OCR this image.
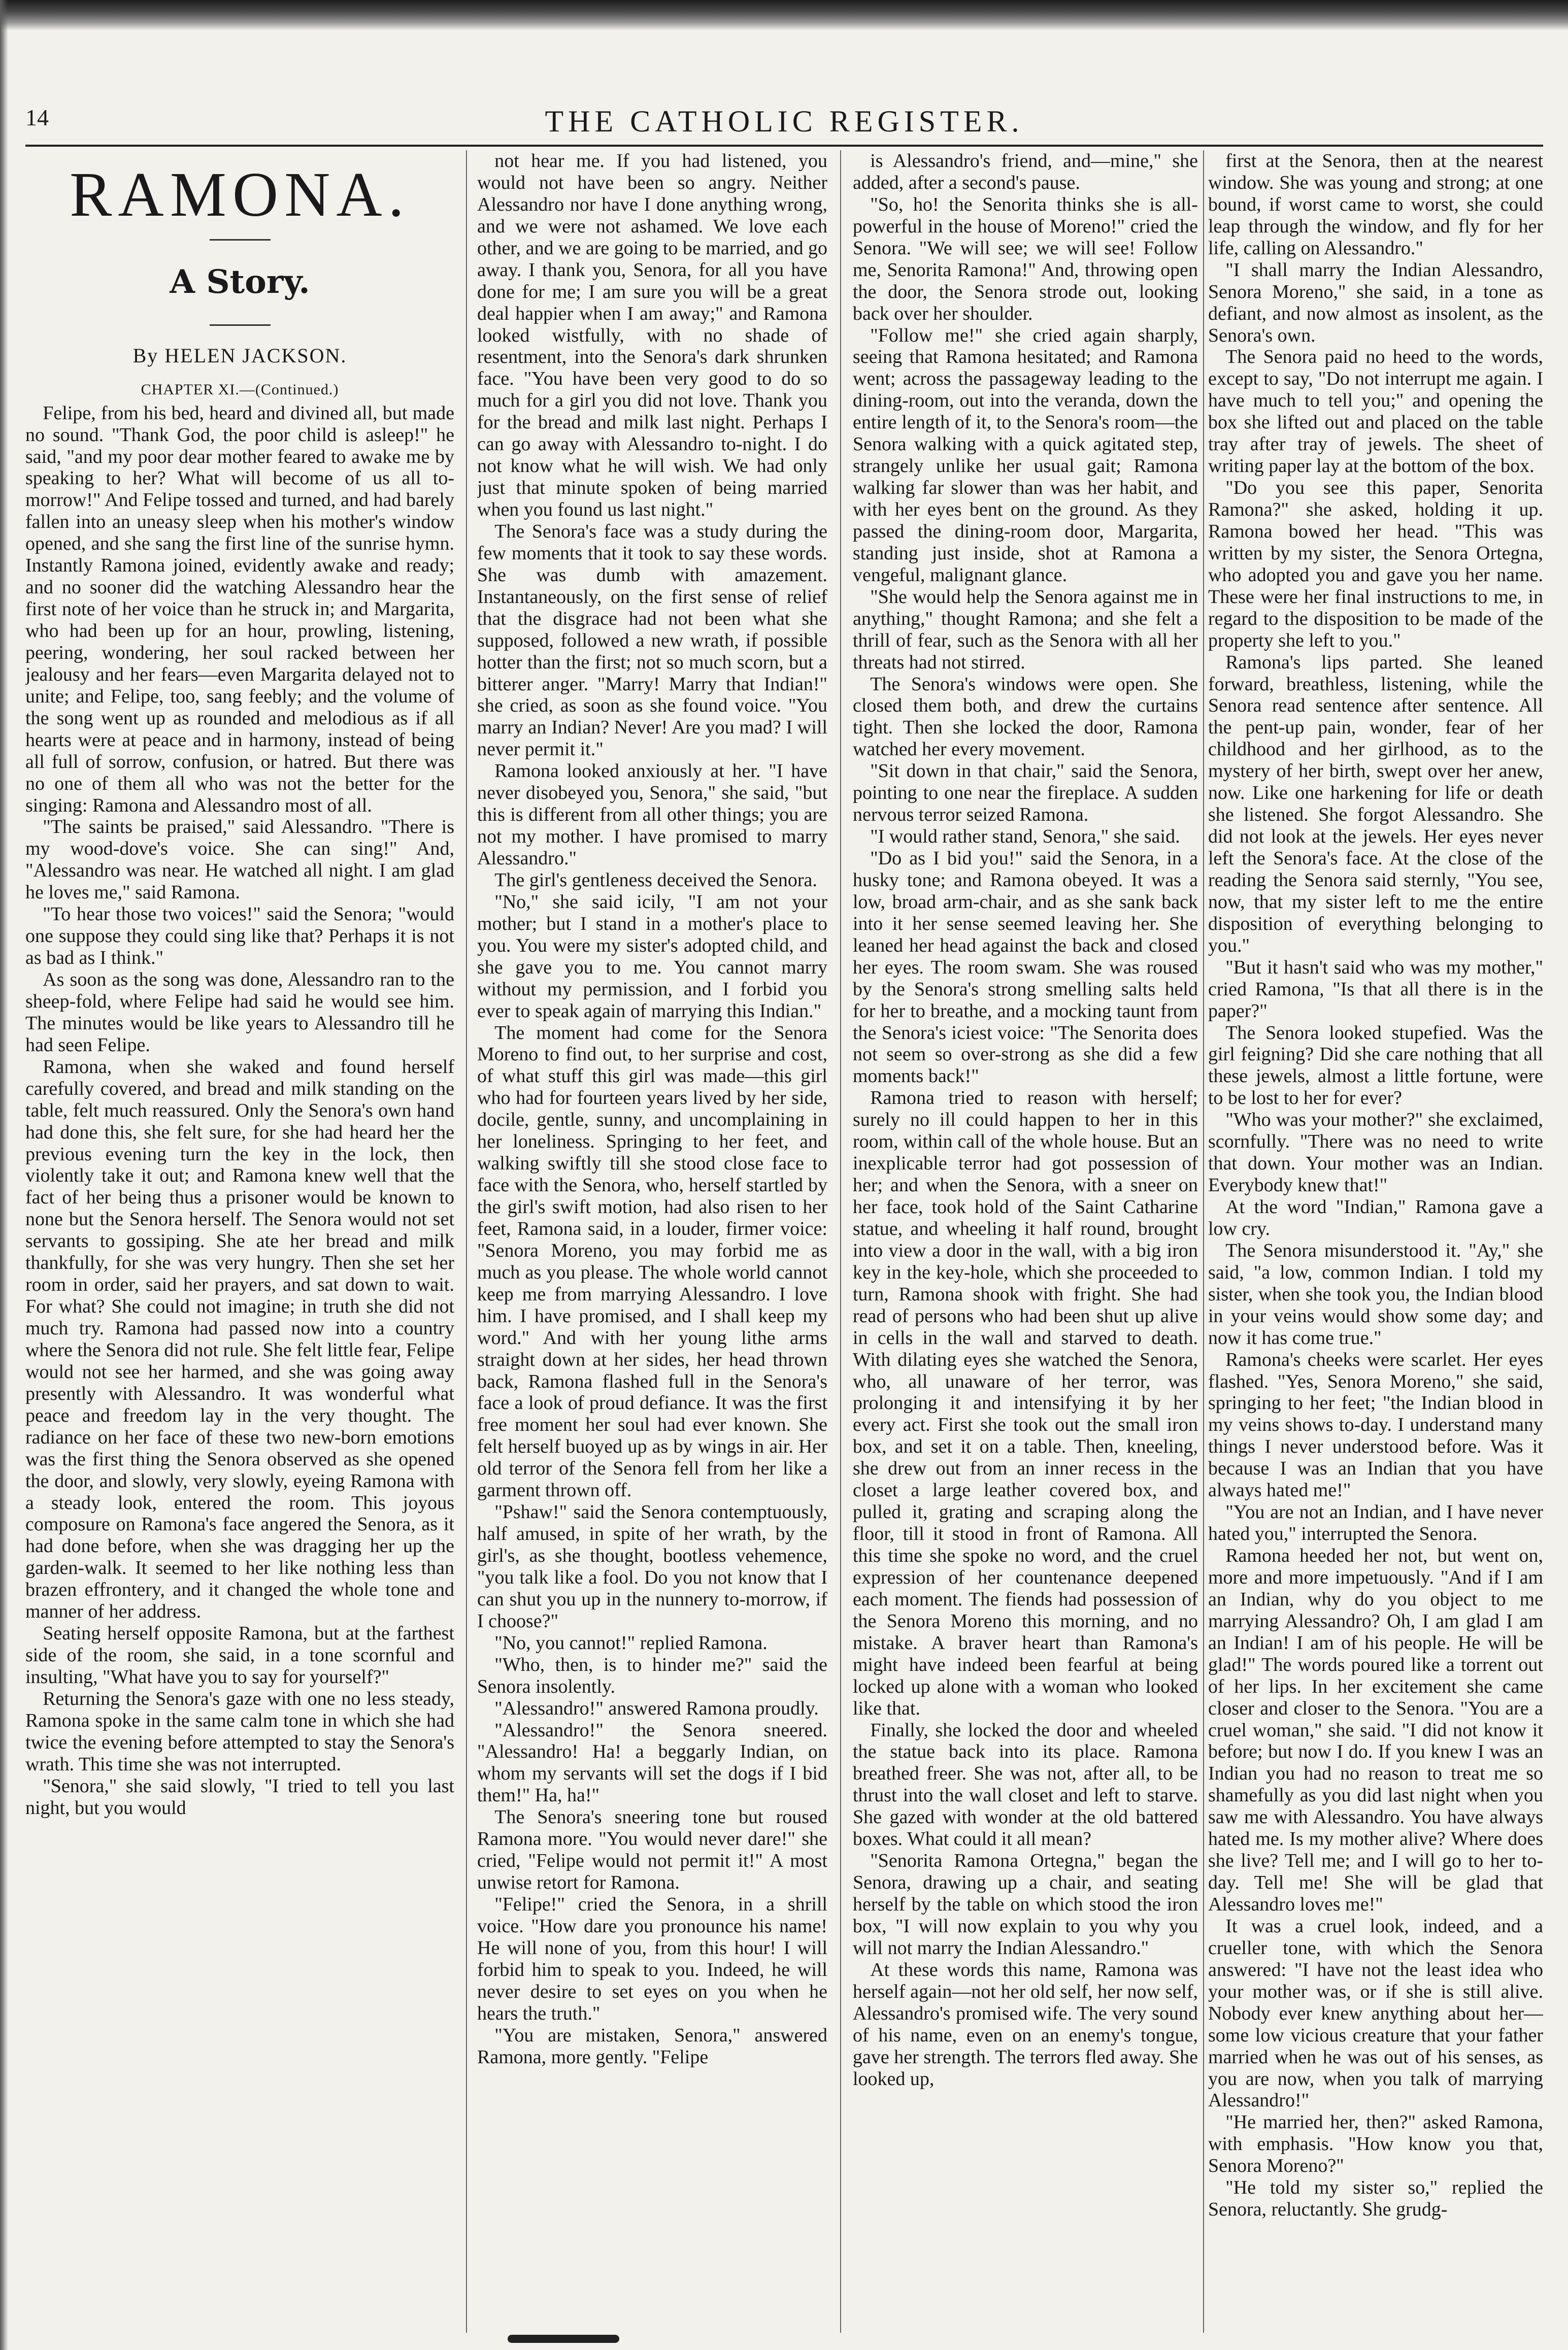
14	THE CATHOLIC REGISTER.
RAMONA.
A Story.
By HELEN JACKSON.
CHAPTER XI.—(Continued.)

Felipe, from his bed, heard and divined all, but made no sound. "Thank God, the poor child is asleep!" he said, "and my poor dear mother feared to awake me by speaking to her? What will become of us all to-morrow!" And Felipe tossed and turned, and had barely fallen into an uneasy sleep when his mother's window opened, and she sang the first line of the sunrise hymn. Instantly Ramona joined, evidently awake and ready; and no sooner did the watching Alessandro hear the first note of her voice than he struck in; and Margarita, who had been up for an hour, prowling, listening, peering, wondering, her soul racked between her jealousy and her fears—even Margarita delayed not to unite; and Felipe, too, sang feebly; and the volume of the song went up as rounded and melodious as if all hearts were at peace and in harmony, instead of being all full of sorrow, confusion, or hatred. But there was no one of them all who was not the better for the singing: Ramona and Alessandro most of all.

"The saints be praised," said Alessandro. "There is my wood-dove's voice. She can sing!" And, "Alessandro was near. He watched all night. I am glad he loves me," said Ramona.

"To hear those two voices!" said the Senora; "would one suppose they could sing like that? Perhaps it is not as bad as I think."

As soon as the song was done, Alessandro ran to the sheep-fold, where Felipe had said he would see him. The minutes would be like years to Alessandro till he had seen Felipe.

Ramona, when she waked and found herself carefully covered, and bread and milk standing on the table, felt much reassured. Only the Senora's own hand had done this, she felt sure, for she had heard her the previous evening turn the key in the lock, then violently take it out; and Ramona knew well that the fact of her being thus a prisoner would be known to none but the Senora herself. The Senora would not set servants to gossiping. She ate her bread and milk thankfully, for she was very hungry. Then she set her room in order, said her prayers, and sat down to wait. For what? She could not imagine; in truth she did not much try. Ramona had passed now into a country where the Senora did not rule. She felt little fear, Felipe would not see her harmed, and she was going away presently with Alessandro. It was wonderful what peace and freedom lay in the very thought. The radiance on her face of these two new-born emotions was the first thing the Senora observed as she opened the door, and slowly, very slowly, eyeing Ramona with a steady look, entered the room. This joyous composure on Ramona's face angered the Senora, as it had done before, when she was dragging her up the garden-walk. It seemed to her like nothing less than brazen effrontery, and it changed the whole tone and manner of her address.

Seating herself opposite Ramona, but at the farthest side of the room, she said, in a tone scornful and insulting, "What have you to say for yourself?"

Returning the Senora's gaze with one no less steady, Ramona spoke in the same calm tone in which she had twice the evening before attempted to stay the Senora's wrath. This time she was not interrupted.

"Senora," she said slowly, "I tried to tell you last night, but you would

not hear me. If you had listened, you would not have been so angry. Neither Alessandro nor have I done anything wrong, and we were not ashamed. We love each other, and we are going to be married, and go away. I thank you, Senora, for all you have done for me; I am sure you will be a great deal happier when I am away;" and Ramona looked wistfully, with no shade of resentment, into the Senora's dark shrunken face. "You have been very good to do so much for a girl you did not love. Thank you for the bread and milk last night. Perhaps I can go away with Alessandro to-night. I do not know what he will wish. We had only just that minute spoken of being married when you found us last night."

The Senora's face was a study during the few moments that it took to say these words. She was dumb with amazement. Instantaneously, on the first sense of relief that the disgrace had not been what she supposed, followed a new wrath, if possible hotter than the first; not so much scorn, but a bitterer anger. "Marry! Marry that Indian!" she cried, as soon as she found voice. "You marry an Indian? Never! Are you mad? I will never permit it."

Ramona looked anxiously at her. "I have never disobeyed you, Senora," she said, "but this is different from all other things; you are not my mother. I have promised to marry Alessandro."

The girl's gentleness deceived the Senora.

"No," she said icily, "I am not your mother; but I stand in a mother's place to you. You were my sister's adopted child, and she gave you to me. You cannot marry without my permission, and I forbid you ever to speak again of marrying this Indian."

The moment had come for the Senora Moreno to find out, to her surprise and cost, of what stuff this girl was made—this girl who had for fourteen years lived by her side, docile, gentle, sunny, and uncomplaining in her loneliness. Springing to her feet, and walking swiftly till she stood close face to face with the Senora, who, herself startled by the girl's swift motion, had also risen to her feet, Ramona said, in a louder, firmer voice: "Senora Moreno, you may forbid me as much as you please. The whole world cannot keep me from marrying Alessandro. I love him. I have promised, and I shall keep my word." And with her young lithe arms straight down at her sides, her head thrown back, Ramona flashed full in the Senora's face a look of proud defiance. It was the first free moment her soul had ever known. She felt herself buoyed up as by wings in air. Her old terror of the Senora fell from her like a garment thrown off.

"Pshaw!" said the Senora contemptuously, half amused, in spite of her wrath, by the girl's, as she thought, bootless vehemence, "you talk like a fool. Do you not know that I can shut you up in the nunnery to-morrow, if I choose?"

"No, you cannot!" replied Ramona.

"Who, then, is to hinder me?" said the Senora insolently.

"Alessandro!" answered Ramona proudly.

"Alessandro!" the Senora sneered. "Alessandro! Ha! a beggarly Indian, on whom my servants will set the dogs if I bid them!" Ha, ha!"

The Senora's sneering tone but roused Ramona more. "You would never dare!" she cried, "Felipe would not permit it!" A most unwise retort for Ramona.

"Felipe!" cried the Senora, in a shrill voice. "How dare you pronounce his name! He will none of you, from this hour! I will forbid him to speak to you. Indeed, he will never desire to set eyes on you when he hears the truth."

"You are mistaken, Senora," answered Ramona, more gently. "Felipe

is Alessandro's friend, and—mine," she added, after a second's pause.

"So, ho! the Senorita thinks she is all-powerful in the house of Moreno!" cried the Senora. "We will see; we will see! Follow me, Senorita Ramona!" And, throwing open the door, the Senora strode out, looking back over her shoulder.

"Follow me!" she cried again sharply, seeing that Ramona hesitated; and Ramona went; across the passageway leading to the dining-room, out into the veranda, down the entire length of it, to the Senora's room—the Senora walking with a quick agitated step, strangely unlike her usual gait; Ramona walking far slower than was her habit, and with her eyes bent on the ground. As they passed the dining-room door, Margarita, standing just inside, shot at Ramona a vengeful, malignant glance.

"She would help the Senora against me in anything," thought Ramona; and she felt a thrill of fear, such as the Senora with all her threats had not stirred.

The Senora's windows were open. She closed them both, and drew the curtains tight. Then she locked the door, Ramona watched her every movement.

"Sit down in that chair," said the Senora, pointing to one near the fireplace. A sudden nervous terror seized Ramona.

"I would rather stand, Senora," she said.

"Do as I bid you!" said the Senora, in a husky tone; and Ramona obeyed. It was a low, broad arm-chair, and as she sank back into it her sense seemed leaving her. She leaned her head against the back and closed her eyes. The room swam. She was roused by the Senora's strong smelling salts held for her to breathe, and a mocking taunt from the Senora's iciest voice: "The Senorita does not seem so over-strong as she did a few moments back!"

Ramona tried to reason with herself; surely no ill could happen to her in this room, within call of the whole house. But an inexplicable terror had got possession of her; and when the Senora, with a sneer on her face, took hold of the Saint Catharine statue, and wheeling it half round, brought into view a door in the wall, with a big iron key in the key-hole, which she proceeded to turn, Ramona shook with fright. She had read of persons who had been shut up alive in cells in the wall and starved to death. With dilating eyes she watched the Senora, who, all unaware of her terror, was prolonging it and intensifying it by her every act. First she took out the small iron box, and set it on a table. Then, kneeling, she drew out from an inner recess in the closet a large leather covered box, and pulled it, grating and scraping along the floor, till it stood in front of Ramona. All this time she spoke no word, and the cruel expression of her countenance deepened each moment. The fiends had possession of the Senora Moreno this morning, and no mistake. A braver heart than Ramona's might have indeed been fearful at being locked up alone with a woman who looked like that.

Finally, she locked the door and wheeled the statue back into its place. Ramona breathed freer. She was not, after all, to be thrust into the wall closet and left to starve. She gazed with wonder at the old battered boxes. What could it all mean?

"Senorita Ramona Ortegna," began the Senora, drawing up a chair, and seating herself by the table on which stood the iron box, "I will now explain to you why you will not marry the Indian Alessandro."

At these words this name, Ramona was herself again—not her old self, her now self, Alessandro's promised wife. The very sound of his name, even on an enemy's tongue, gave her strength. The terrors fled away. She looked up,

first at the Senora, then at the nearest window. She was young and strong; at one bound, if worst came to worst, she could leap through the window, and fly for her life, calling on Alessandro."

"I shall marry the Indian Alessandro, Senora Moreno," she said, in a tone as defiant, and now almost as insolent, as the Senora's own.

The Senora paid no heed to the words, except to say, "Do not interrupt me again. I have much to tell you;" and opening the box she lifted out and placed on the table tray after tray of jewels. The sheet of writing paper lay at the bottom of the box.

"Do you see this paper, Senorita Ramona?" she asked, holding it up. Ramona bowed her head. "This was written by my sister, the Senora Ortegna, who adopted you and gave you her name. These were her final instructions to me, in regard to the disposition to be made of the property she left to you."

Ramona's lips parted. She leaned forward, breathless, listening, while the Senora read sentence after sentence. All the pent-up pain, wonder, fear of her childhood and her girlhood, as to the mystery of her birth, swept over her anew, now. Like one harkening for life or death she listened. She forgot Alessandro. She did not look at the jewels. Her eyes never left the Senora's face. At the close of the reading the Senora said sternly, "You see, now, that my sister left to me the entire disposition of everything belonging to you."

"But it hasn't said who was my mother," cried Ramona, "Is that all there is in the paper?"

The Senora looked stupefied. Was the girl feigning? Did she care nothing that all these jewels, almost a little fortune, were to be lost to her for ever?

"Who was your mother?" she exclaimed, scornfully. "There was no need to write that down. Your mother was an Indian. Everybody knew that!"

At the word "Indian," Ramona gave a low cry.

The Senora misunderstood it. "Ay," she said, "a low, common Indian. I told my sister, when she took you, the Indian blood in your veins would show some day; and now it has come true."

Ramona's cheeks were scarlet. Her eyes flashed. "Yes, Senora Moreno," she said, springing to her feet; "the Indian blood in my veins shows to-day. I understand many things I never understood before. Was it because I was an Indian that you have always hated me!"

"You are not an Indian, and I have never hated you," interrupted the Senora.

Ramona heeded her not, but went on, more and more impetuously. "And if I am an Indian, why do you object to me marrying Alessandro? Oh, I am glad I am an Indian! I am of his people. He will be glad!" The words poured like a torrent out of her lips. In her excitement she came closer and closer to the Senora. "You are a cruel woman," she said. "I did not know it before; but now I do. If you knew I was an Indian you had no reason to treat me so shamefully as you did last night when you saw me with Alessandro. You have always hated me. Is my mother alive? Where does she live? Tell me; and I will go to her to-day. Tell me! She will be glad that Alessandro loves me!"

It was a cruel look, indeed, and a crueller tone, with which the Senora answered: "I have not the least idea who your mother was, or if she is still alive. Nobody ever knew anything about her—some low vicious creature that your father married when he was out of his senses, as you are now, when you talk of marrying Alessandro!"

"He married her, then?" asked Ramona, with emphasis. "How know you that, Senora Moreno?"

"He told my sister so," replied the Senora, reluctantly. She grudg-
